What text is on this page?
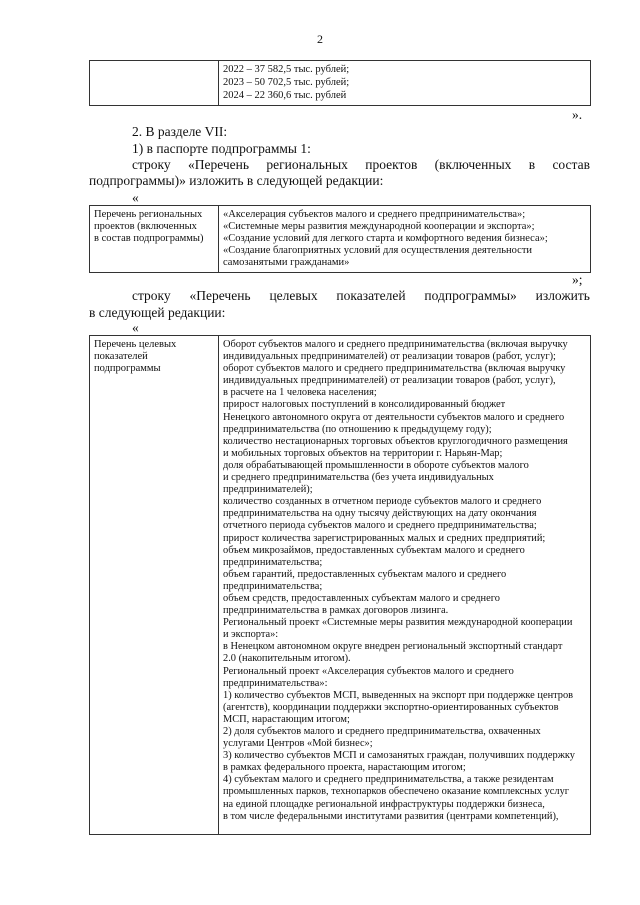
2

2022 – 37 582,5 тыс. рублей;
2023 – 50 702,5 тыс. рублей;
2024 – 22 360,6 тыс. рублей
».
2. В разделе VII:
1) в паспорте подпрограммы 1:
строку «Перечень региональных проектов (включенных в состав
подпрограммы)» изложить в следующей редакции:
«
Перечень региональных
проектов (включенных
в состав подпрограммы)

«Акселерация субъектов малого и среднего предпринимательства»;
«Системные меры развития международной кооперации и экспорта»;
«Создание условий для легкого старта и комфортного ведения бизнеса»;
«Создание благоприятных условий для осуществления деятельности
самозанятыми гражданами»
»;
строку «Перечень целевых показателей подпрограммы» изложить
в следующей редакции:
«
Перечень целевых
показателей
подпрограммы

Оборот субъектов малого и среднего предпринимательства (включая выручку
индивидуальных предпринимателей) от реализации товаров (работ, услуг);
оборот субъектов малого и среднего предпринимательства (включая выручку
индивидуальных предпринимателей) от реализации товаров (работ, услуг),
в расчете на 1 человека населения;
прирост налоговых поступлений в консолидированный бюджет
Ненецкого автономного округа от деятельности субъектов малого и среднего
предпринимательства (по отношению к предыдущему году);
количество нестационарных торговых объектов круглогодичного размещения
и мобильных торговых объектов на территории г. Нарьян-Мар;
доля обрабатывающей промышленности в обороте субъектов малого
и среднего предпринимательства (без учета индивидуальных
предпринимателей);
количество созданных в отчетном периоде субъектов малого и среднего
предпринимательства на одну тысячу действующих на дату окончания
отчетного периода субъектов малого и среднего предпринимательства;
прирост количества зарегистрированных малых и средних предприятий;
объем микрозаймов, предоставленных субъектам малого и среднего
предпринимательства;
объем гарантий, предоставленных субъектам малого и среднего
предпринимательства;
объем средств, предоставленных субъектам малого и среднего
предпринимательства в рамках договоров лизинга.
Региональный проект «Системные меры развития международной кооперации
и экспорта»:
в Ненецком автономном округе внедрен региональный экспортный стандарт
2.0 (накопительным итогом).
Региональный проект «Акселерация субъектов малого и среднего
предпринимательства»:
1) количество субъектов МСП, выведенных на экспорт при поддержке центров
(агентств), координации поддержки экспортно-ориентированных субъектов
МСП, нарастающим итогом;
2) доля субъектов малого и среднего предпринимательства, охваченных
услугами Центров «Мой бизнес»;
3) количество субъектов МСП и самозанятых граждан, получивших поддержку
в рамках федерального проекта, нарастающим итогом;
4) субъектам малого и среднего предпринимательства, а также резидентам
промышленных парков, технопарков обеспечено оказание комплексных услуг
на единой площадке региональной инфраструктуры поддержки бизнеса,
в том числе федеральными институтами развития (центрами компетенций),
